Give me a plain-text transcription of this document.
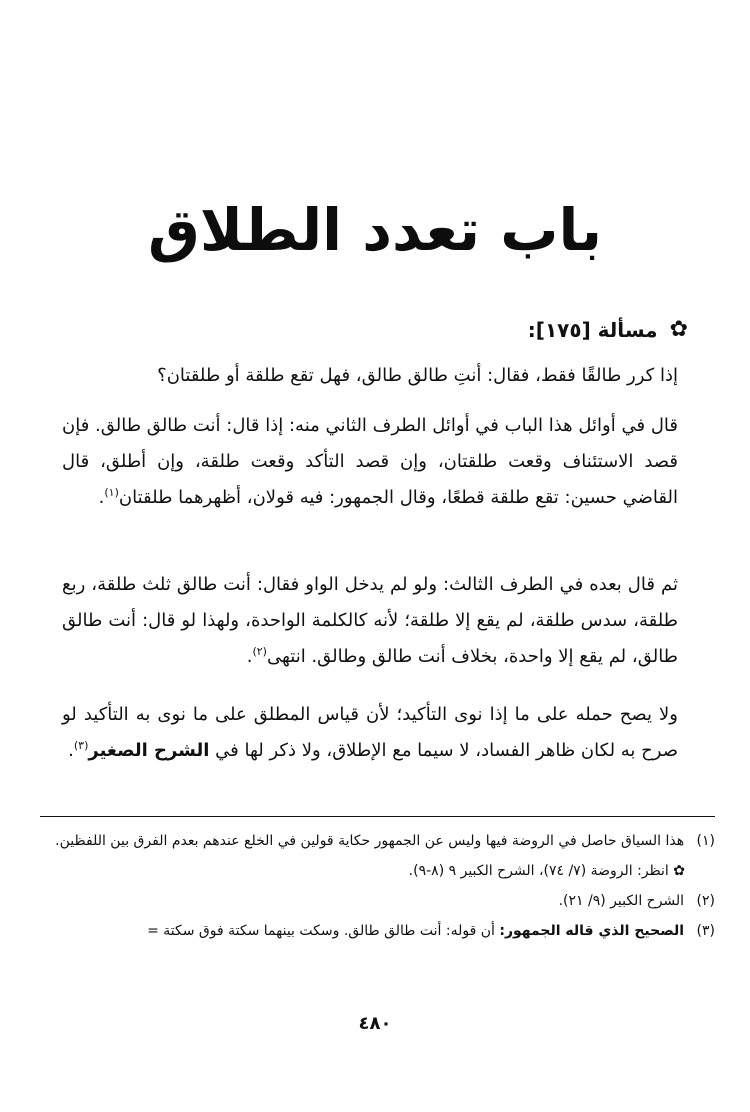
باب تعدد الطلاق
✿
مسألة [١٧٥]:

إذا كرر طالقًا فقط، فقال: أنتِ طالق طالق، فهل تقع طلقة أو طلقتان؟

قال في أوائل هذا الباب في أوائل الطرف الثاني منه: إذا قال: أنت طالق طالق. فإن قصد الاستئناف وقعت طلقتان، وإن قصد التأكد وقعت طلقة، وإن أطلق، قال القاضي حسين: تقع طلقة قطعًا، وقال الجمهور: فيه قولان، أظهرهما طلقتان$^{(١)}$.

ثم قال بعده في الطرف الثالث: ولو لم يدخل الواو فقال: أنت طالق ثلث طلقة، ربع طلقة، سدس طلقة، لم يقع إلا طلقة؛ لأنه كالكلمة الواحدة، ولهذا لو قال: أنت طالق طالق، لم يقع إلا واحدة، بخلاف أنت طالق وطالق. انتهى$^{(٢)}$.

ولا يصح حمله على ما إذا نوى التأكيد؛ لأن قياس المطلق على ما نوى به التأكيد لو صرح به لكان ظاهر الفساد، لا سيما مع الإطلاق، ولا ذكر لها في الشرح الصغير$^{(٣)}$.

(١) هذا السياق حاصل في الروضة فيها وليس عن الجمهور حكاية قولين في الخلع عندهم بعدم الفرق بين اللفظين.

✿ انظر: الروضة (٧/ ٧٤)، الشرح الكبير ٩ (٨-٩).

(٢) الشرح الكبير (٩/ ٢١).

(٣) الصحيح الذي قاله الجمهور: أن قوله: أنت طالق طالق. وسكت بينهما سكتة فوق سكتة =

٤٨٠
